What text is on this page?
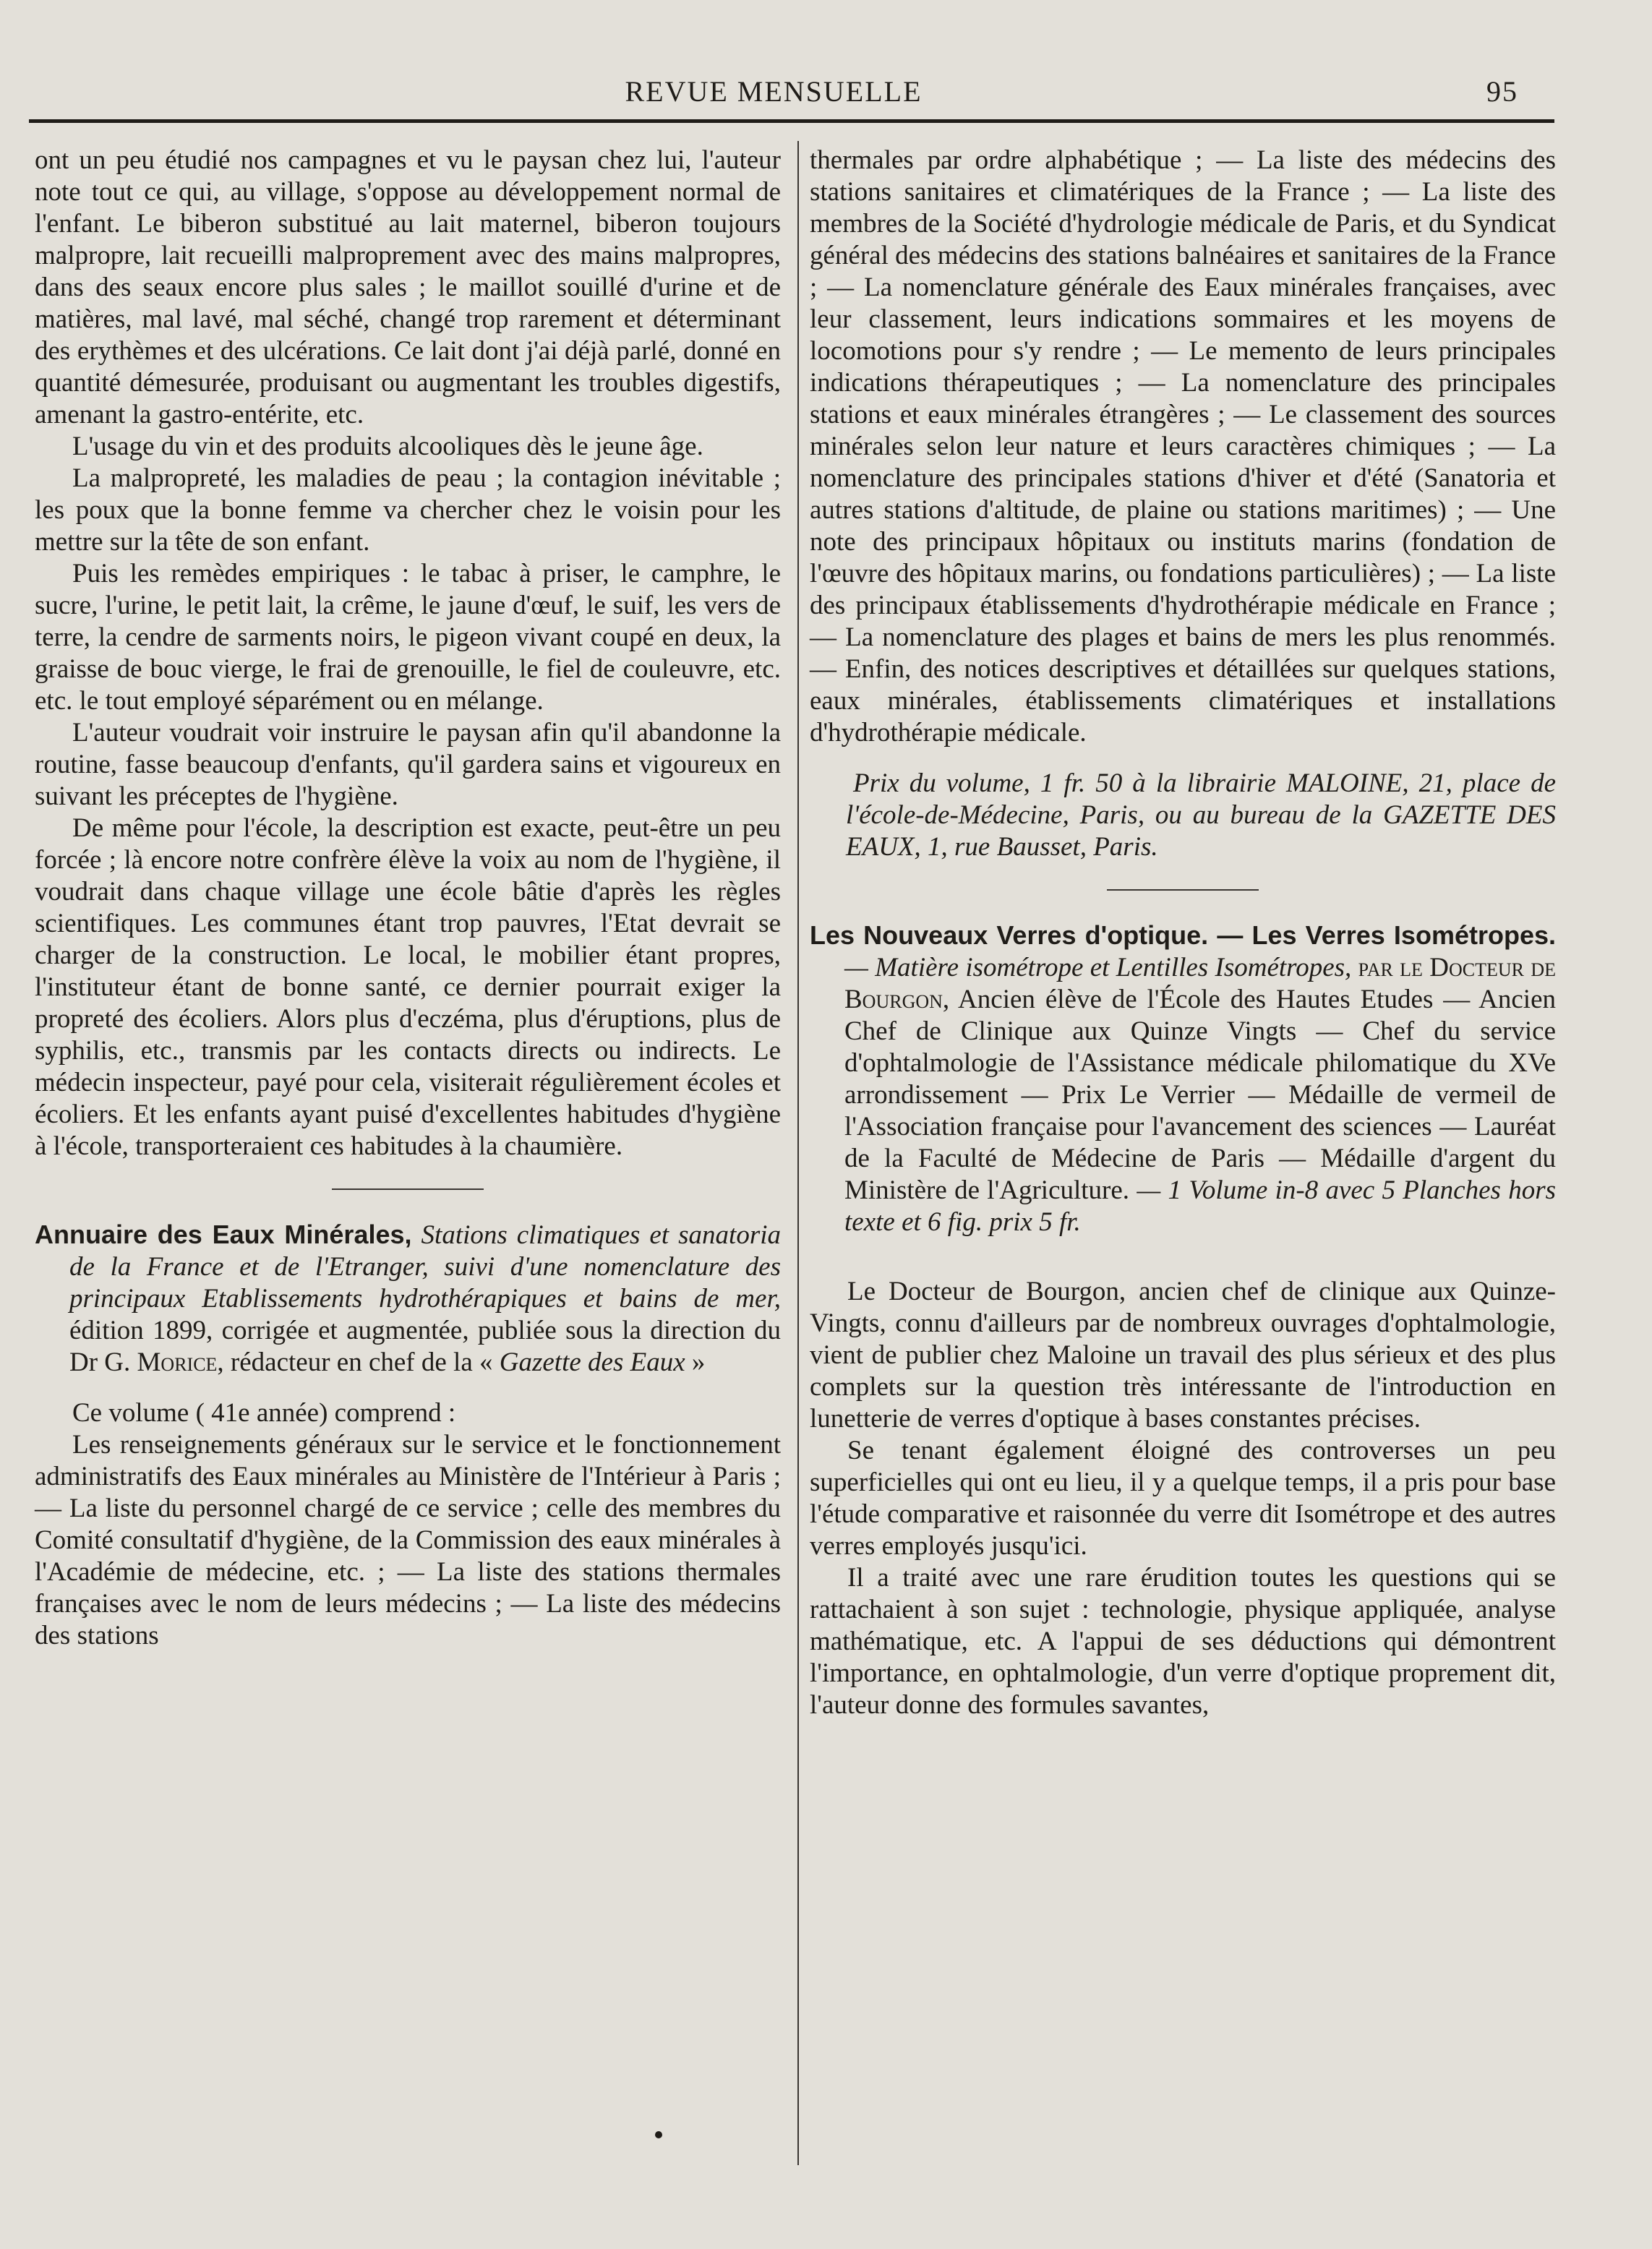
REVUE MENSUELLE	95

ont un peu étudié nos campagnes et vu le paysan chez lui, l'auteur note tout ce qui, au village, s'oppose au développement normal de l'enfant. Le biberon substitué au lait maternel, biberon toujours malpropre, lait recueilli malproprement avec des mains malpropres, dans des seaux encore plus sales ; le maillot souillé d'urine et de matières, mal lavé, mal séché, changé trop rarement et déterminant des erythèmes et des ulcérations. Ce lait dont j'ai déjà parlé, donné en quantité démesurée, produisant ou augmentant les troubles digestifs, amenant la gastro-entérite, etc.

L'usage du vin et des produits alcooliques dès le jeune âge.

La malpropreté, les maladies de peau ; la contagion inévitable ; les poux que la bonne femme va chercher chez le voisin pour les mettre sur la tête de son enfant.

Puis les remèdes empiriques : le tabac à priser, le camphre, le sucre, l'urine, le petit lait, la crême, le jaune d'œuf, le suif, les vers de terre, la cendre de sarments noirs, le pigeon vivant coupé en deux, la graisse de bouc vierge, le frai de grenouille, le fiel de couleuvre, etc. etc. le tout employé séparément ou en mélange.

L'auteur voudrait voir instruire le paysan afin qu'il abandonne la routine, fasse beaucoup d'enfants, qu'il gardera sains et vigoureux en suivant les préceptes de l'hygiène.

De même pour l'école, la description est exacte, peut-être un peu forcée ; là encore notre confrère élève la voix au nom de l'hygiène, il voudrait dans chaque village une école bâtie d'après les règles scientifiques. Les communes étant trop pauvres, l'Etat devrait se charger de la construction. Le local, le mobilier étant propres, l'instituteur étant de bonne santé, ce dernier pourrait exiger la propreté des écoliers. Alors plus d'eczéma, plus d'éruptions, plus de syphilis, etc., transmis par les contacts directs ou indirects. Le médecin inspecteur, payé pour cela, visiterait régulièrement écoles et écoliers. Et les enfants ayant puisé d'excellentes habitudes d'hygiène à l'école, transporteraient ces habitudes à la chaumière.

Annuaire des Eaux Minérales, Stations climatiques et sanatoria de la France et de l'Etranger, suivi d'une nomenclature des principaux Etablissements hydrothérapiques et bains de mer, édition 1899, corrigée et augmentée, publiée sous la direction du Dr G. Morice, rédacteur en chef de la « Gazette des Eaux »

Ce volume ( 41e année) comprend :

Les renseignements généraux sur le service et le fonctionnement administratifs des Eaux minérales au Ministère de l'Intérieur à Paris ; — La liste du personnel chargé de ce service ; celle des membres du Comité consultatif d'hygiène, de la Commission des eaux minérales à l'Académie de médecine, etc. ; — La liste des stations thermales françaises avec le nom de leurs médecins ; — La liste des médecins des stations

thermales par ordre alphabétique ; — La liste des médecins des stations sanitaires et climatériques de la France ; — La liste des membres de la Société d'hydrologie médicale de Paris, et du Syndicat général des médecins des stations balnéaires et sanitaires de la France ; — La nomenclature générale des Eaux minérales françaises, avec leur classement, leurs indications sommaires et les moyens de locomotions pour s'y rendre ; — Le memento de leurs principales indications thérapeutiques ; — La nomenclature des principales stations et eaux minérales étrangères ; — Le classement des sources minérales selon leur nature et leurs caractères chimiques ; — La nomenclature des principales stations d'hiver et d'été (Sanatoria et autres stations d'altitude, de plaine ou stations maritimes) ; — Une note des principaux hôpitaux ou instituts marins (fondation de l'œuvre des hôpitaux marins, ou fondations particulières) ; — La liste des principaux établissements d'hydrothérapie médicale en France ; — La nomenclature des plages et bains de mers les plus renommés. — Enfin, des notices descriptives et détaillées sur quelques stations, eaux minérales, établissements climatériques et installations d'hydrothérapie médicale.

Prix du volume, 1 fr. 50 à la librairie MALOINE, 21, place de l'école-de-Médecine, Paris, ou au bureau de la GAZETTE DES EAUX, 1, rue Bausset, Paris.

Les Nouveaux Verres d'optique. — Les Verres Isométropes. — Matière isométrope et Lentilles Isométropes, par le Docteur de Bourgon, Ancien élève de l'École des Hautes Etudes — Ancien Chef de Clinique aux Quinze Vingts — Chef du service d'ophtalmologie de l'Assistance médicale philomatique du XVe arrondissement — Prix Le Verrier — Médaille de vermeil de l'Association française pour l'avancement des sciences — Lauréat de la Faculté de Médecine de Paris — Médaille d'argent du Ministère de l'Agriculture. — 1 Volume in-8 avec 5 Planches hors texte et 6 fig. prix 5 fr.

Le Docteur de Bourgon, ancien chef de clinique aux Quinze-Vingts, connu d'ailleurs par de nombreux ouvrages d'ophtalmologie, vient de publier chez Maloine un travail des plus sérieux et des plus complets sur la question très intéressante de l'introduction en lunetterie de verres d'optique à bases constantes précises.

Se tenant également éloigné des controverses un peu superficielles qui ont eu lieu, il y a quelque temps, il a pris pour base l'étude comparative et raisonnée du verre dit Isométrope et des autres verres employés jusqu'ici.

Il a traité avec une rare érudition toutes les questions qui se rattachaient à son sujet : technologie, physique appliquée, analyse mathématique, etc. A l'appui de ses déductions qui démontrent l'importance, en ophtalmologie, d'un verre d'optique proprement dit, l'auteur donne des formules savantes,
